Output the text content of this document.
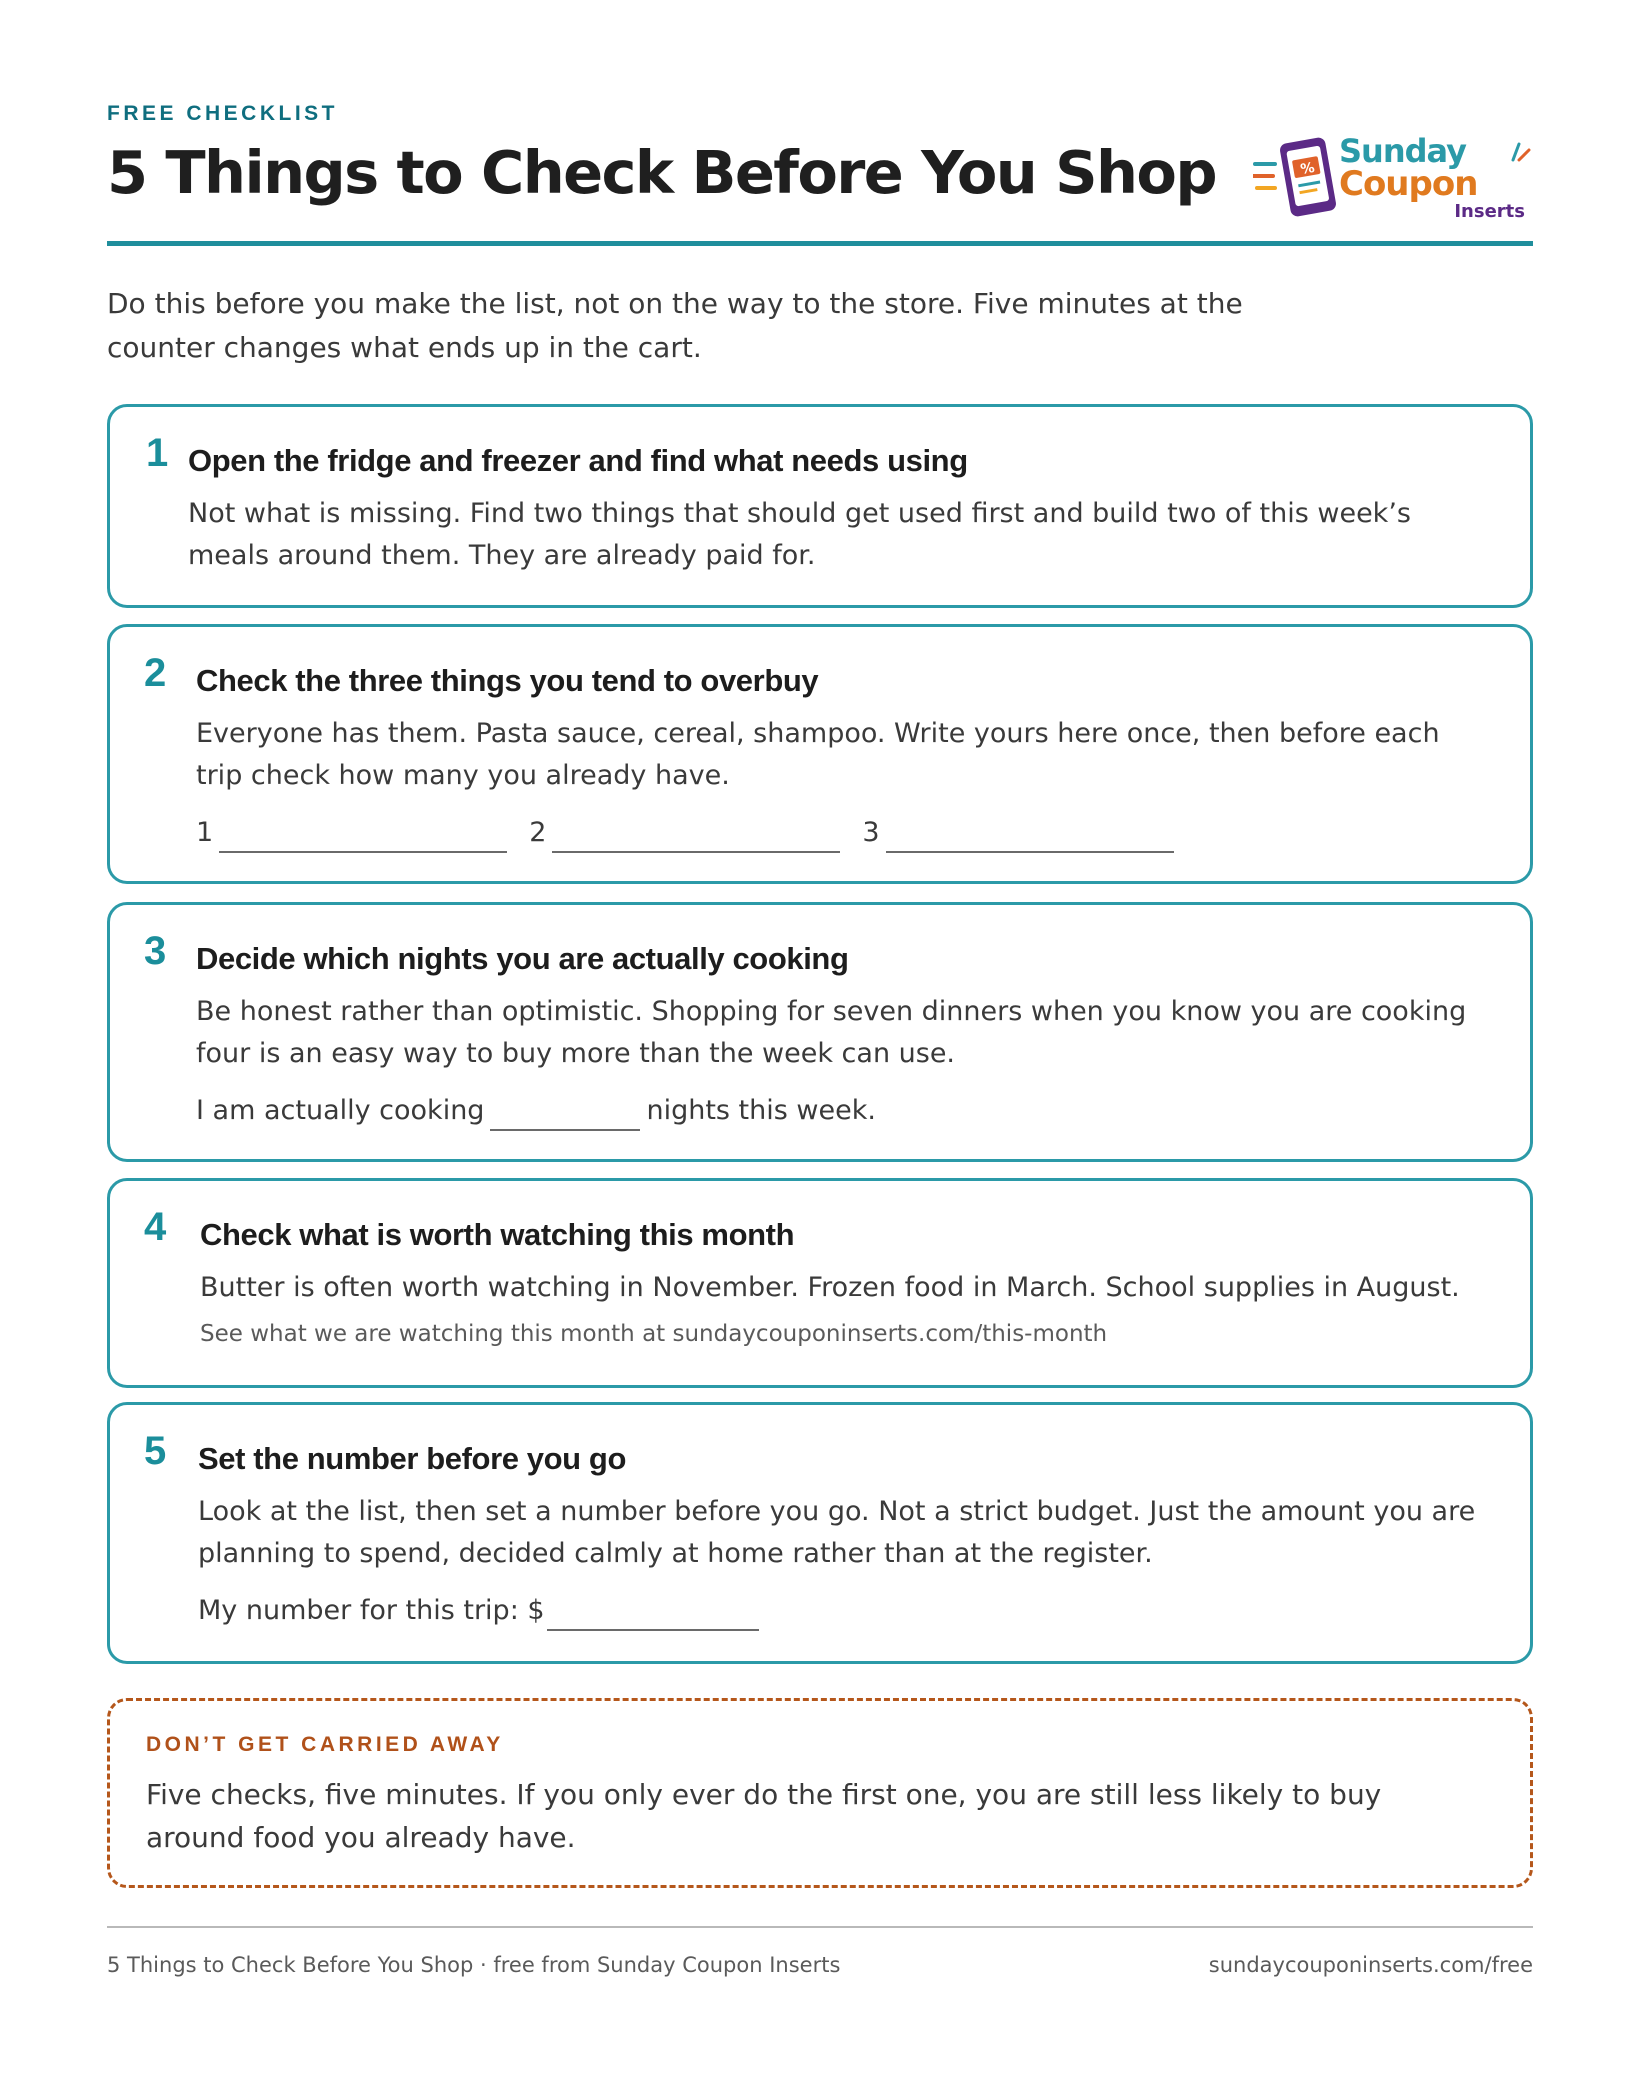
FREE CHECKLIST
5 Things to Check Before You Shop	% Sunday
Coupon
Inserts

Do this before you make the list, not on the way to the store. Five minutes at the counter changes what ends up in the cart.

1 Open the fridge and freezer and find what needs using
Not what is missing. Find two things that should get used first and build two of this week’s meals around them. They are already paid for.
2 Check the three things you tend to overbuy
Everyone has them. Pasta sauce, cereal, shampoo. Write yours here once, then before each trip check how many you already have.
1	2	3
3 Decide which nights you are actually cooking
Be honest rather than optimistic. Shopping for seven dinners when you know you are cooking four is an easy way to buy more than the week can use.
I am actually cooking	nights this week.
4 Check what is worth watching this month
Butter is often worth watching in November. Frozen food in March. School supplies in August.
See what we are watching this month at sundaycouponinserts.com/this-month
5 Set the number before you go
Look at the list, then set a number before you go. Not a strict budget. Just the amount you are planning to spend, decided calmly at home rather than at the register.
My number for this trip: $
DON’T GET CARRIED AWAY
Five checks, five minutes. If you only ever do the first one, you are still less likely to buy around food you already have.
5 Things to Check Before You Shop · free from Sunday Coupon Inserts	sundaycouponinserts.com/free
